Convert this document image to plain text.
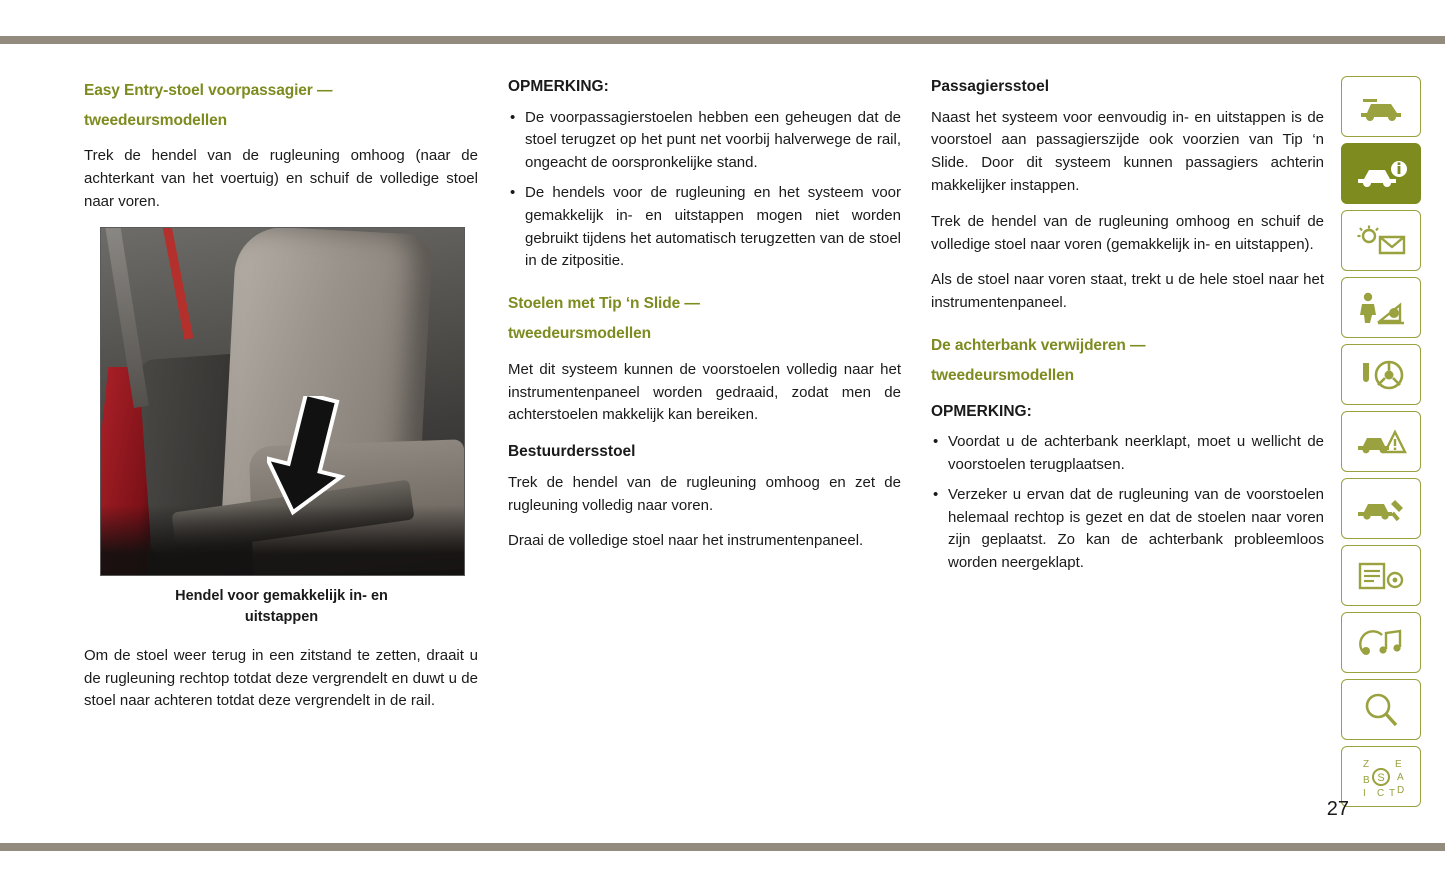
Easy Entry-stoel voorpassagier —
tweedeursmodellen

Trek de hendel van de rugleuning omhoog (naar de achterkant van het voertuig) en schuif de volledige stoel naar voren.

Hendel voor gemakkelijk in- en
uitstappen

Om de stoel weer terug in een zitstand te zetten, draait u de rugleuning rechtop totdat deze vergrendelt en duwt u de stoel naar achteren totdat deze vergrendelt in de rail.

OPMERKING:
• De voorpassagierstoelen hebben een geheugen dat de stoel terugzet op het punt net voorbij halverwege de rail, ongeacht de oorspronkelijke stand.
• De hendels voor de rugleuning en het systeem voor gemakkelijk in- en uitstappen mogen niet worden gebruikt tijdens het automatisch terugzetten van de stoel in de zitpositie.
Stoelen met Tip ‘n Slide —
tweedeursmodellen

Met dit systeem kunnen de voorstoelen volledig naar het instrumentenpaneel worden gedraaid, zodat men de achterstoelen makkelijk kan bereiken.

Bestuurdersstoel

Trek de hendel van de rugleuning omhoog en zet de rugleuning volledig naar voren.

Draai de volledige stoel naar het instrumentenpaneel.

Passagiersstoel

Naast het systeem voor eenvoudig in- en uitstappen is de voorstoel aan passagierszijde ook voorzien van Tip ‘n Slide. Door dit systeem kunnen passagiers achterin makkelijker instappen.

Trek de hendel van de rugleuning omhoog en schuif de volledige stoel naar voren (gemakkelijk in- en uitstappen).

Als de stoel naar voren staat, trekt u de hele stoel naar het instrumentenpaneel.

De achterbank verwijderen —
tweedeursmodellen
OPMERKING:
• Voordat u de achterbank neerklapt, moet u wellicht de voorstoelen terugplaatsen.
• Verzeker u ervan dat de rugleuning van de voorstoelen helemaal rechtop is gezet en dat de stoelen naar voren zijn geplaatst. Zo kan de achterbank probleemloos worden neergeklapt.
S
Z
B
I C T
E
A
D
27
